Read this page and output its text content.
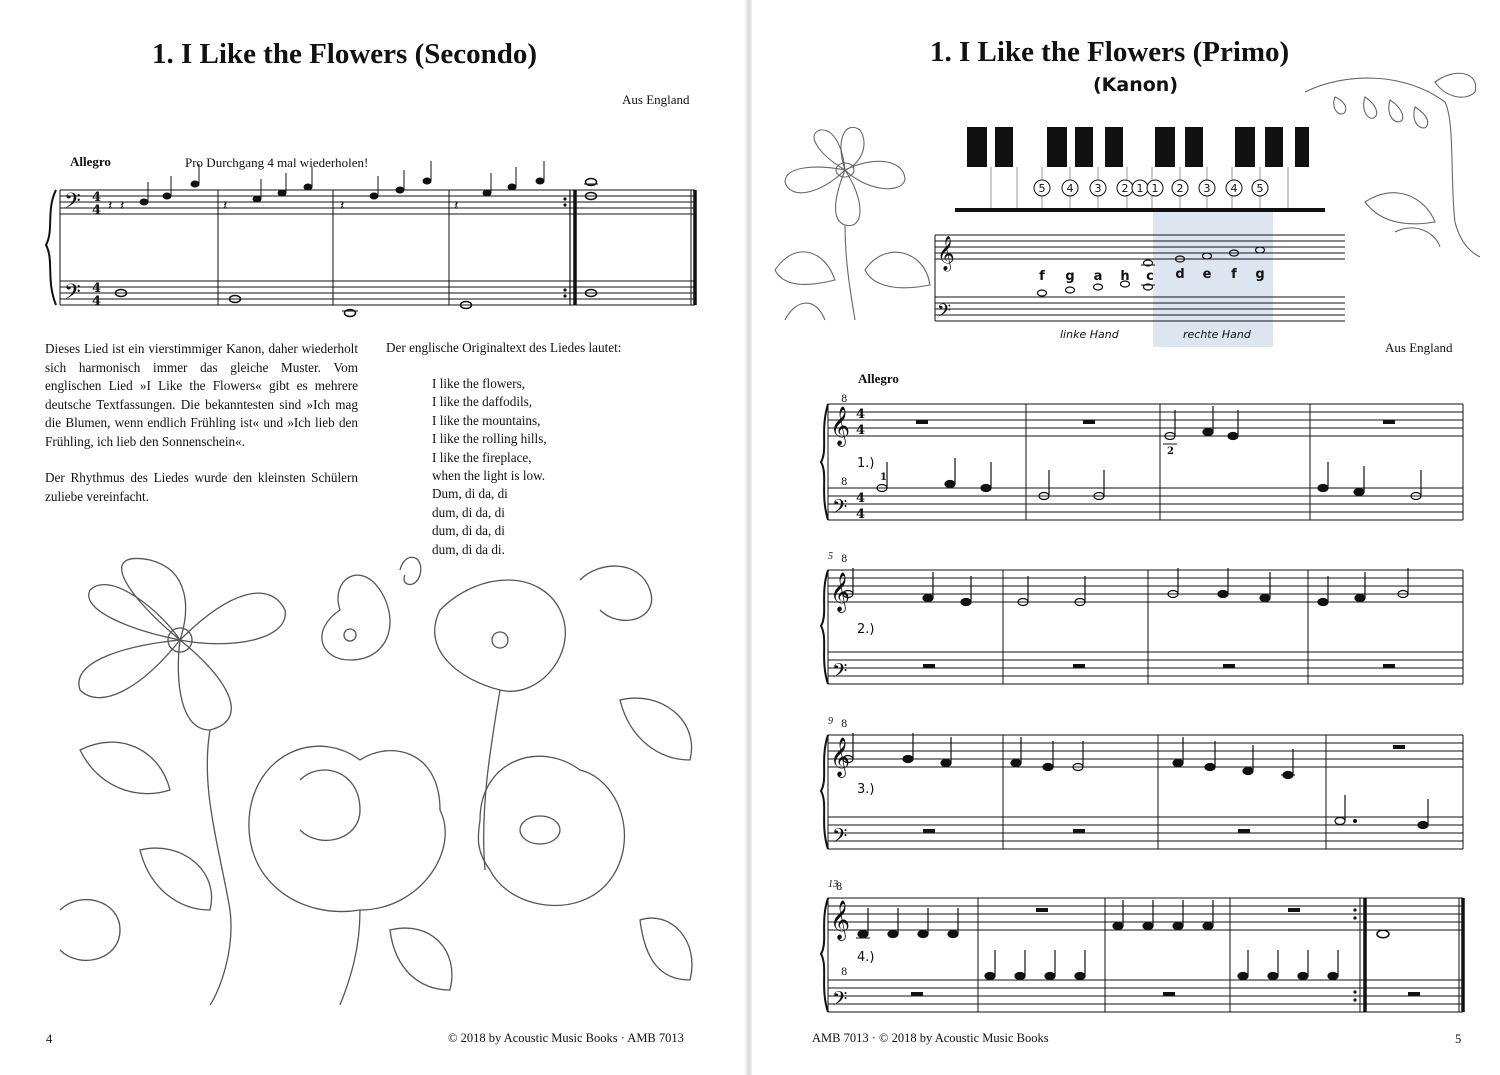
1. I Like the Flowers (Secondo)
Aus England
Allegro	Pro Durchgang 4 mal wiederholen!
𝄢
𝄢
4
4
4
4
𝄽 𝄽	𝄽	𝄽	𝄽

Dieses Lied ist ein vierstimmiger Kanon, daher wiederholt sich harmonisch immer das gleiche Muster. Vom englischen Lied »I Like the Flowers« gibt es mehrere deutsche Textfassungen. Die bekanntesten sind »Ich mag die Blumen, wenn endlich Frühling ist« und »Ich lieb den Frühling, ich lieb den Sonnenschein«.

Der Rhythmus des Liedes wurde den kleinsten Schülern zuliebe vereinfacht.

Der englische Originaltext des Liedes lautet:
I like the flowers,
I like the daffodils,
I like the mountains,
I like the rolling hills,
I like the fireplace,
when the light is low.
Dum, di da, di
dum, di da, di
dum, di da, di
dum, di da di.
4	© 2018 by Acoustic Music Books · AMB 7013
1. I Like the Flowers (Primo)
(Kanon)
5 4 3 2 1 1 2 3 4 5
𝄞
𝄢
f g a h c d e f g
linke Hand	rechte Hand
Aus England
Allegro
𝄞
𝄢
4
4
4
4
8
8	1
2
1.)
𝄞
𝄢
8
5
2.)
𝄞
𝄢
8
9
3.)
𝄞
𝄢
8
8
13
4.)
AMB 7013 · © 2018 by Acoustic Music Books	5
